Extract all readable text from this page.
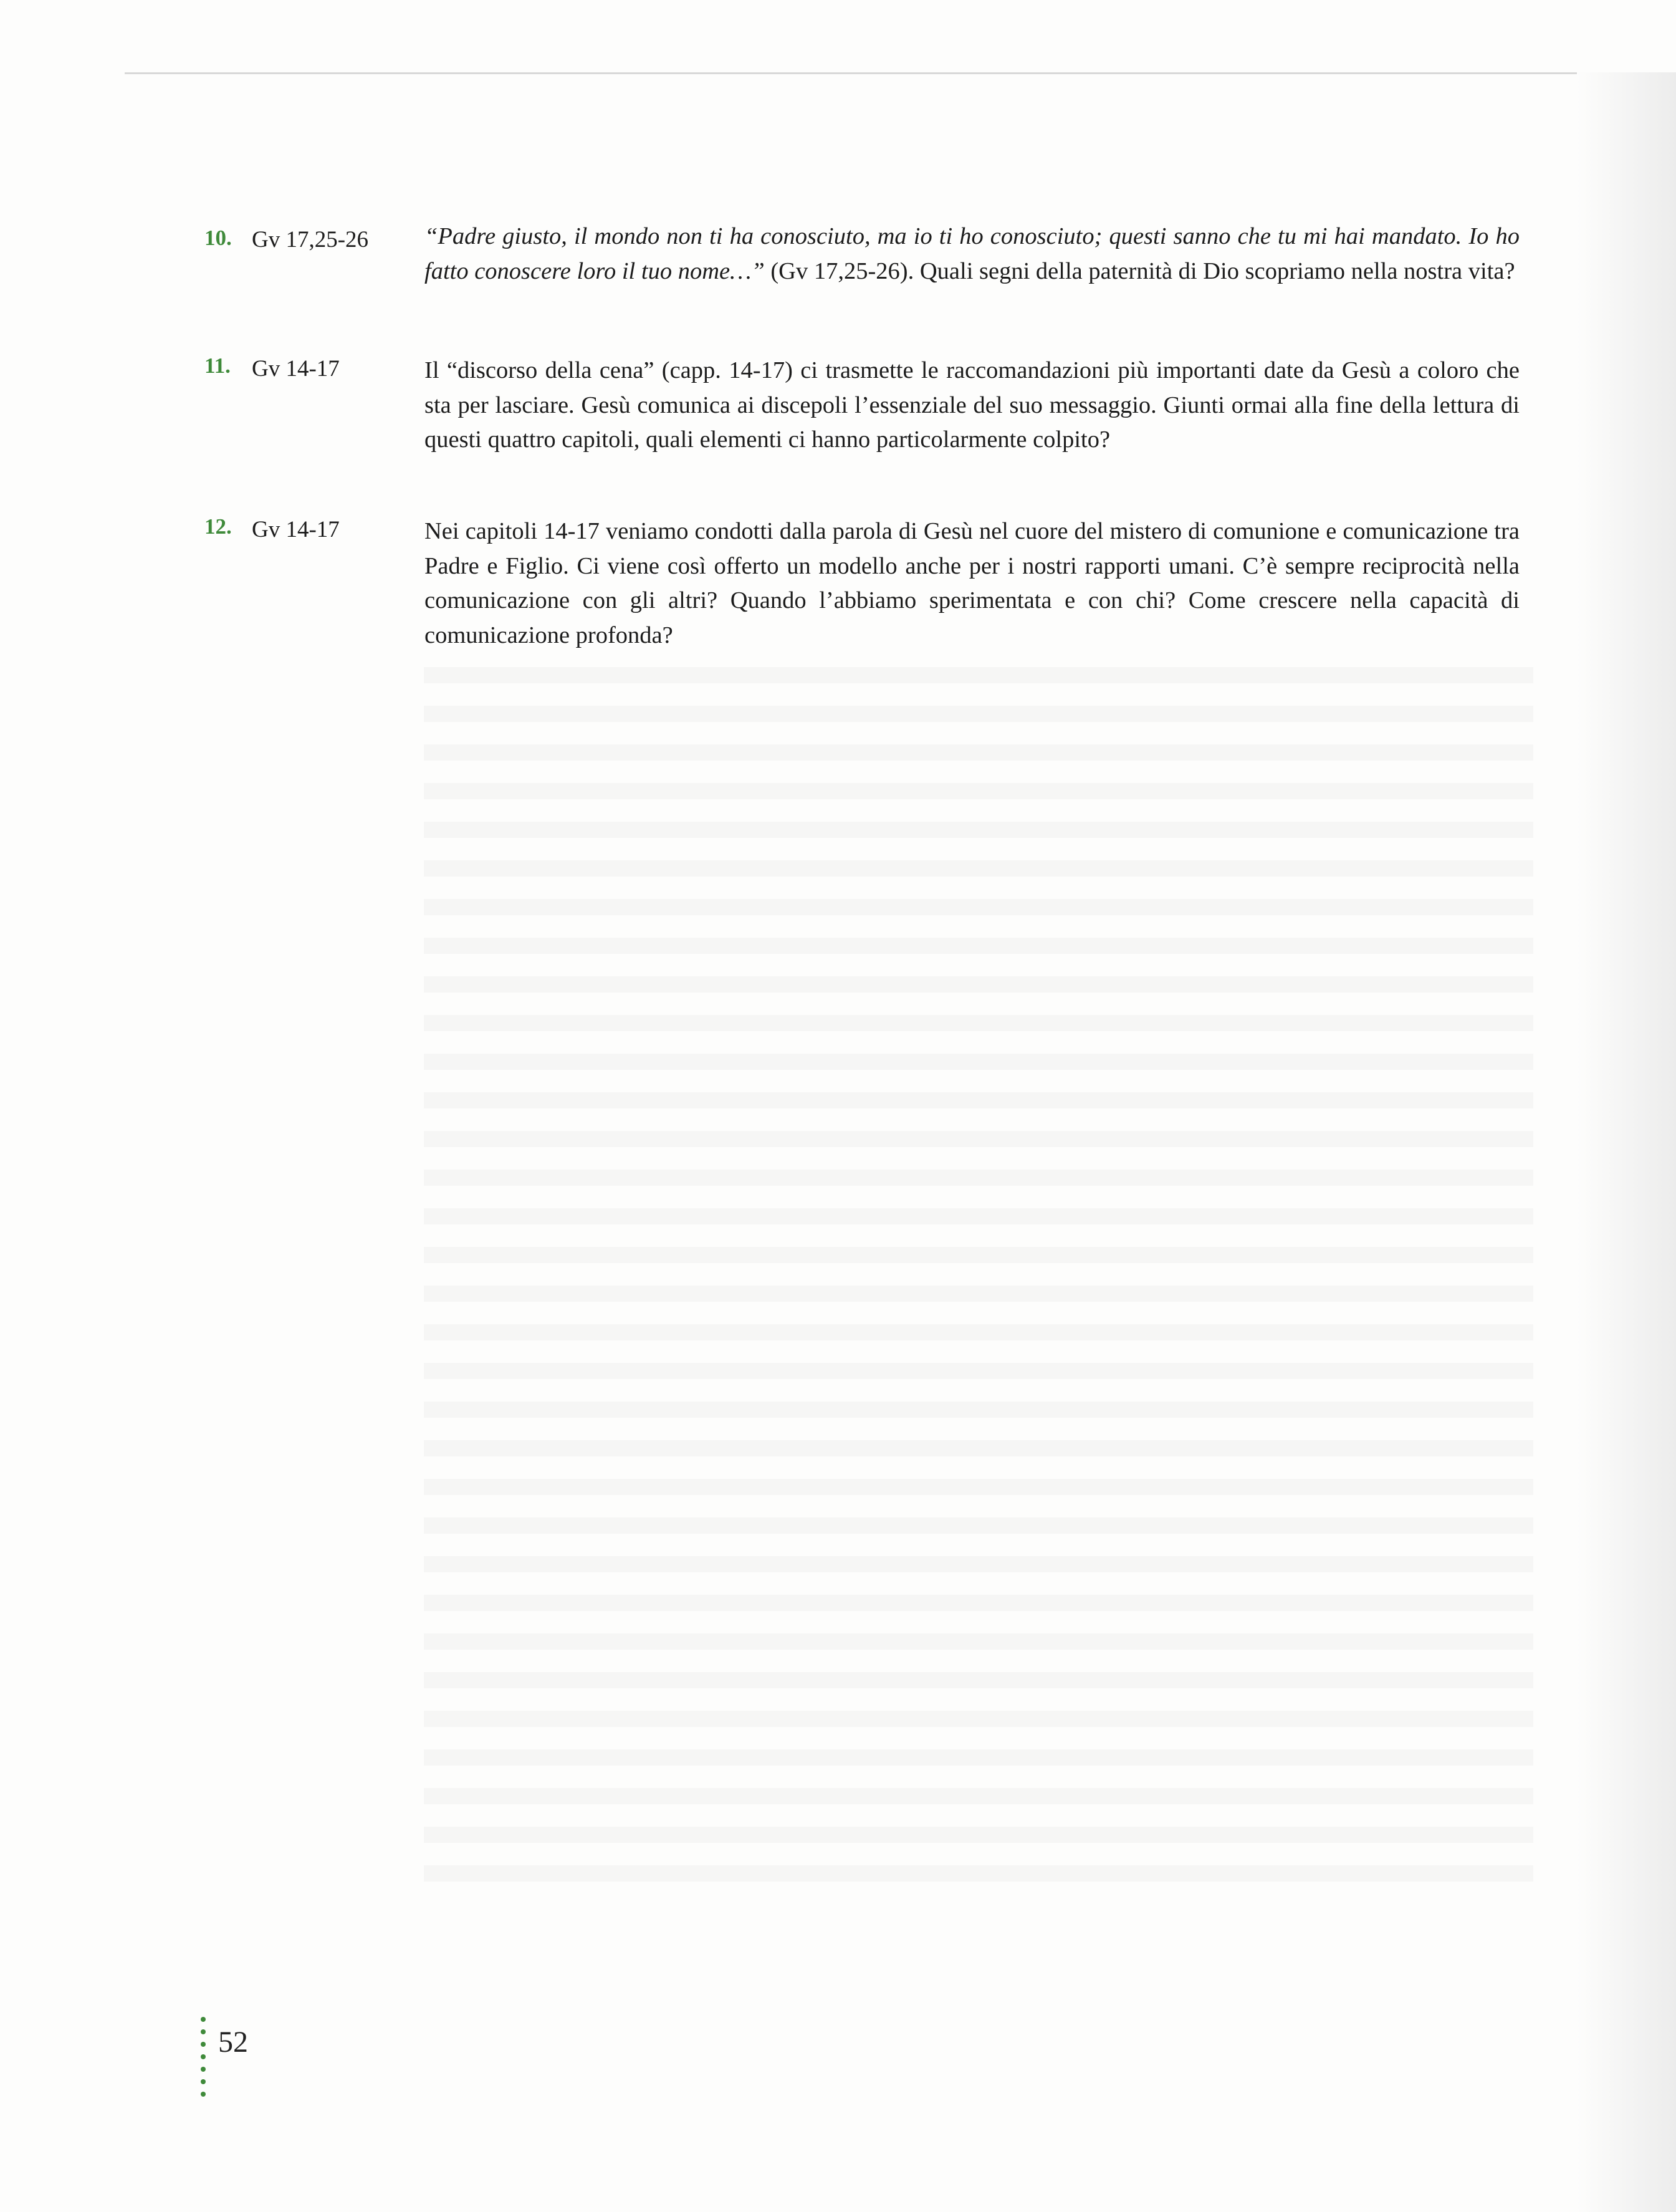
10. Gv 17,25-26 “Padre giusto, il mondo non ti ha conosciuto, ma io ti ho conosciuto; questi sanno che tu mi hai mandato. Io ho fatto conoscere loro il tuo nome…” (Gv 17,25-26). Quali segni della paternità di Dio scopriamo nella nostra vita?
11. Gv 14-17	Il “discorso della cena” (capp. 14-17) ci trasmette le raccomandazioni più importanti date da Gesù a coloro che sta per lasciare. Gesù comunica ai discepoli l’essenziale del suo messaggio. Giunti ormai alla fine della lettura di questi quattro capitoli, quali elementi ci hanno particolarmente colpito?
12. Gv 14-17	Nei capitoli 14-17 veniamo condotti dalla parola di Gesù nel cuore del mistero di comunione e comunicazione tra Padre e Figlio. Ci viene così offerto un modello anche per i nostri rapporti umani. C’è sempre reciprocità nella comunicazione con gli altri? Quando l’abbiamo sperimentata e con chi? Come crescere nella capacità di comunicazione profonda?
52
